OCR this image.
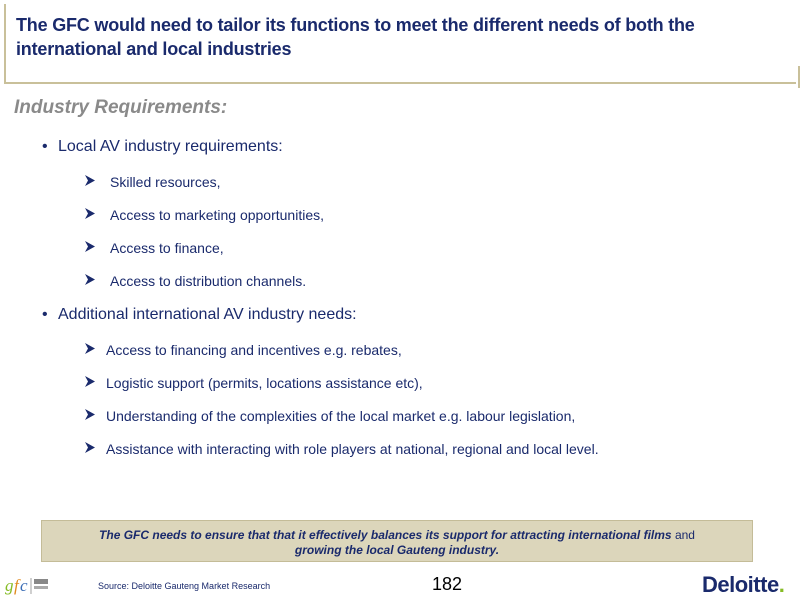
The GFC would need to tailor its functions to meet the different needs of both the international and local industries
Industry Requirements:
• Local AV industry requirements:
Skilled resources,
Access to marketing opportunities,
Access to finance,
Access to distribution channels.
• Additional international AV industry needs:
Access to financing and incentives e.g. rebates,
Logistic support (permits, locations assistance etc),
Understanding of the complexities of the local market e.g. labour legislation,
Assistance with interacting with role players at national, regional and local level.
The GFC needs to ensure that that it effectively balances its support for attracting international films and
growing the local Gauteng industry.
g f c	Source: Deloitte Gauteng Market Research	182	Deloitte.
